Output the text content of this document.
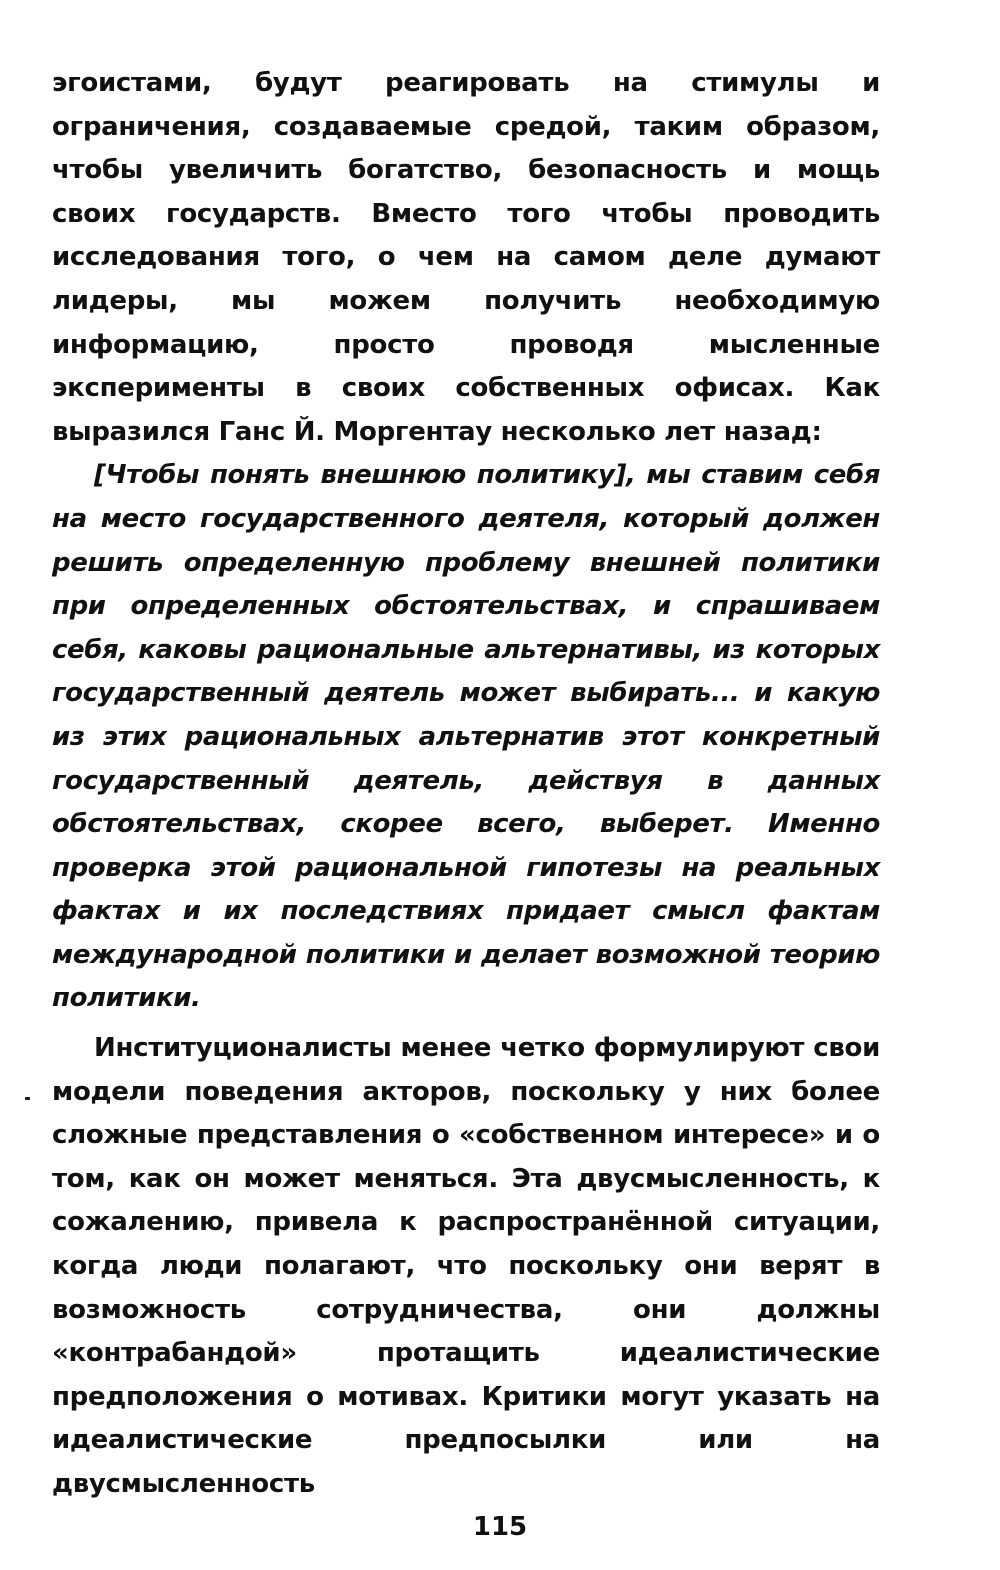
эгоистами, будут реагировать на стимулы и ограничения, создаваемые средой, таким образом, чтобы увеличить богатство, безопасность и мощь своих государств. Вместо того чтобы проводить исследования того, о чем на самом деле думают лидеры, мы можем получить необходимую информацию, просто проводя мысленные эксперименты в своих собственных офисах. Как выразился Ганс Й. Моргентау несколько лет назад:

[Чтобы понять внешнюю политику], мы ставим себя на место государственного деятеля, который должен решить определенную проблему внешней политики при определенных обстоятельствах, и спрашиваем себя, каковы рациональные альтернативы, из которых государственный деятель может выбирать... и какую из этих рациональных альтернатив этот конкретный государственный деятель, действуя в данных обстоятельствах, скорее всего, выберет. Именно проверка этой рациональной гипотезы на реальных фактах и их последствиях придает смысл фактам международной политики и делает возможной теорию политики.

Институционалисты менее четко формулируют свои модели поведения акторов, поскольку у них более сложные представления о «собственном интересе» и о том, как он может меняться. Эта двусмысленность, к сожалению, привела к распространённой ситуации, когда люди полагают, что поскольку они верят в возможность сотрудничества, они должны «контрабандой» протащить идеалистические предположения о мотивах. Критики могут указать на идеалистические предпосылки или на двусмысленность

115
